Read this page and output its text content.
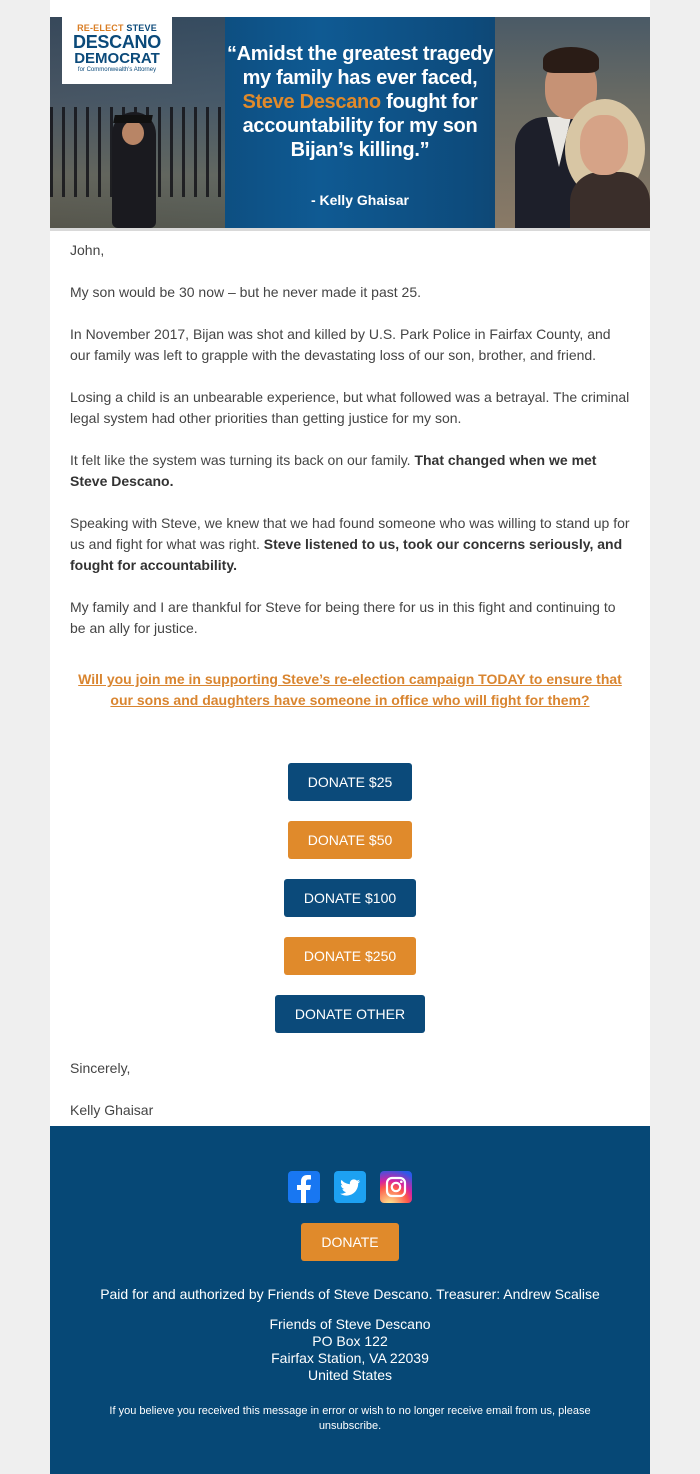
RE-ELECT STEVE
DESCANO
DEMOCRAT
for Commonwealth's Attorney
“Amidst the greatest tragedy my family has ever faced, Steve Descano fought for accountability for my son Bijan’s killing.”
- Kelly Ghaisar

John,

My son would be 30 now – but he never made it past 25.

In November 2017, Bijan was shot and killed by U.S. Park Police in Fairfax County, and our family was left to grapple with the devastating loss of our son, brother, and friend.

Losing a child is an unbearable experience, but what followed was a betrayal. The criminal legal system had other priorities than getting justice for my son.

It felt like the system was turning its back on our family. That changed when we met Steve Descano.

Speaking with Steve, we knew that we had found someone who was willing to stand up for us and fight for what was right. Steve listened to us, took our concerns seriously, and fought for accountability.

My family and I are thankful for Steve for being there for us in this fight and continuing to be an ally for justice.

Will you join me in supporting Steve’s re-election campaign TODAY to ensure that our sons and daughters have someone in office who will fight for them?
DONATE $25
DONATE $50
DONATE $100
DONATE $250
DONATE OTHER
Sincerely,
Kelly Ghaisar
DONATE
Paid for and authorized by Friends of Steve Descano. Treasurer: Andrew Scalise
Friends of Steve Descano
PO Box 122
Fairfax Station, VA 22039
United States
If you believe you received this message in error or wish to no longer receive email from us, please unsubscribe.
